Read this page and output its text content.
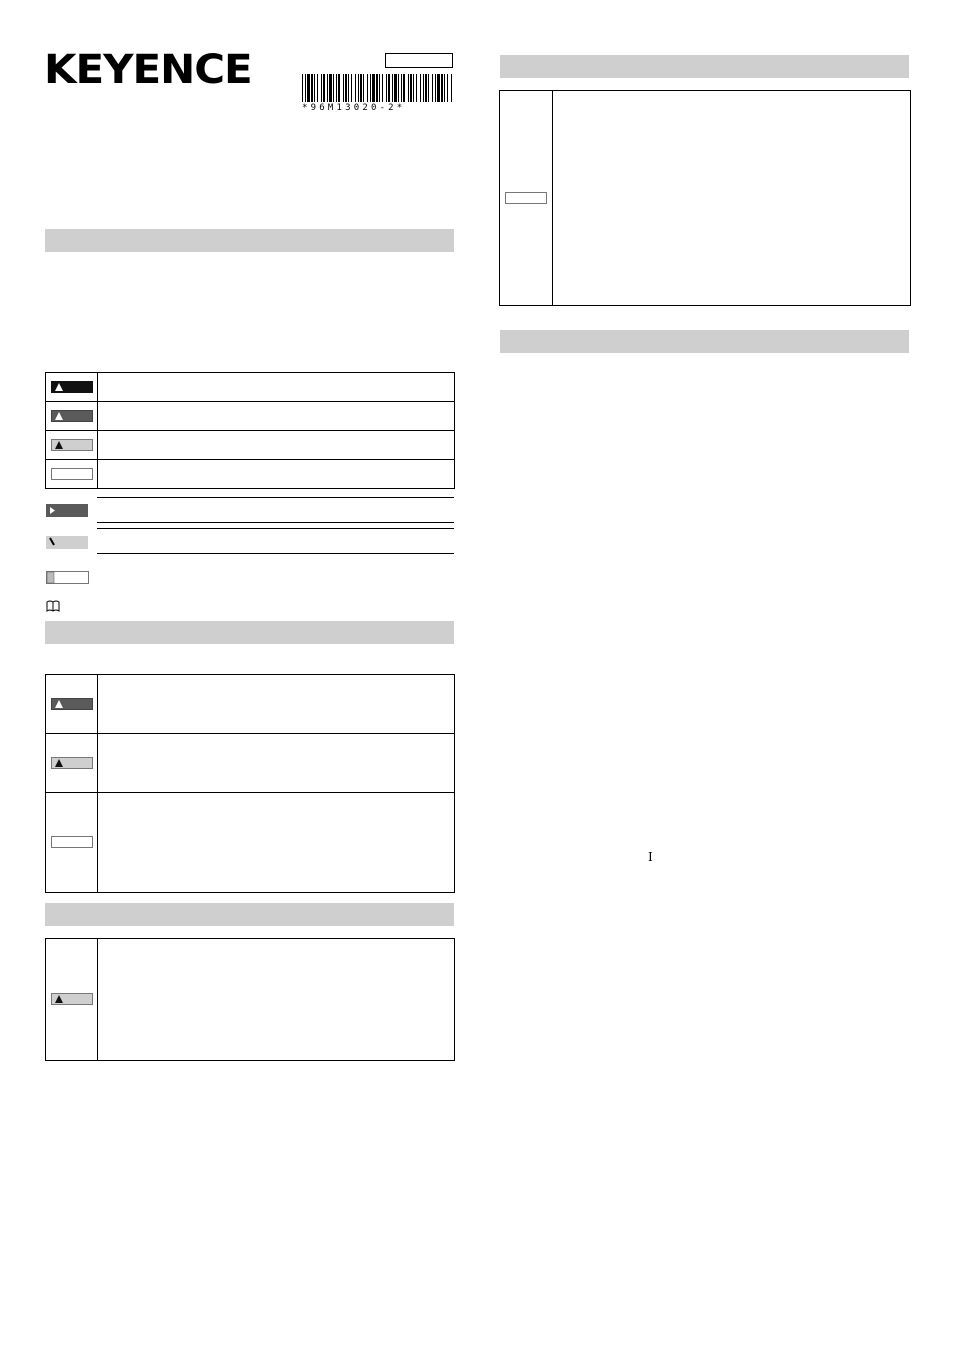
KEYENCE
*96M13020-2*

I
